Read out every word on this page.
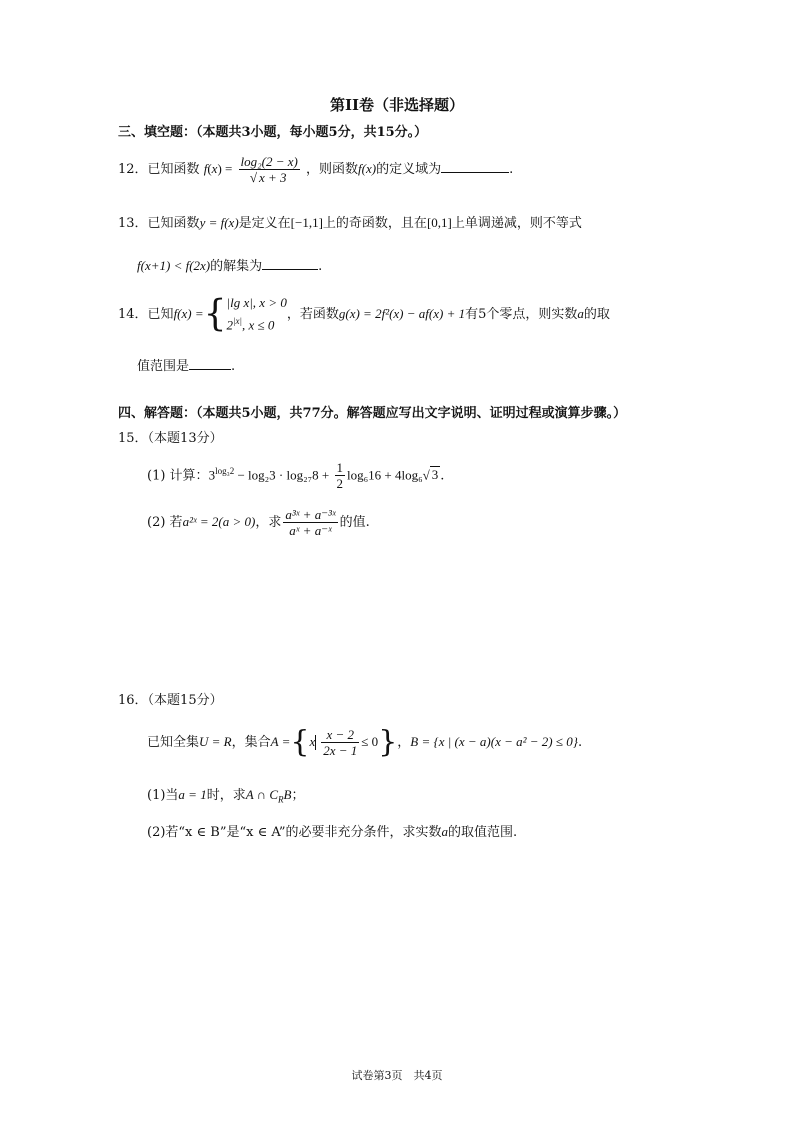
第II卷（非选择题）
三、填空题：（本题共3小题，每小题5分，共15分。）
12．已知函数 $f(x) = \frac{\text{log₂(2 − x)}}{√ x + 3}$ ，则函数f(x)的定义域为	.
13．已知函数y = f(x)是定义在[−1,1]上的奇函数，且在[0,1]上单调递减，则不等式
f(x+1) < f(2x)的解集为	.
14．已知f(x) ={ |lg x|, x > 0
$2^{|x|}$, x ≤ 0
，若函数g(x) = 2f²(x) − af(x) + 1有5个零点，则实数a的取
值范围是	.
四、解答题：（本题共5小题，共77分。解答题应写出文字说明、证明过程或演算步骤。）
15．（本题13分）
(1) 计算：$3^{log_32} - \log_23 \cdot \log_{27}8 + \frac{1}{2} \log_616 + 4\log_6√$ 3 .
(2) 若a²ˣ = 2(a > 0)，求 $\frac{\text{a³ˣ + a⁻³ˣ}}{\text{aˣ + a⁻ˣ}}$ 的值.
16．（本题15分）
已知全集U = R，集合$A =\{x \frac{x - 2}{2x - 1} \le 0\}$，B = {x | (x − a)(x − a² − 2) ≤ 0}.
(1)当a = 1时，求A ∩ $C_RB$；
(2)若“x ∈ B”是“x ∈ A”的必要非充分条件，求实数a的取值范围.
试卷第3页　共4页
